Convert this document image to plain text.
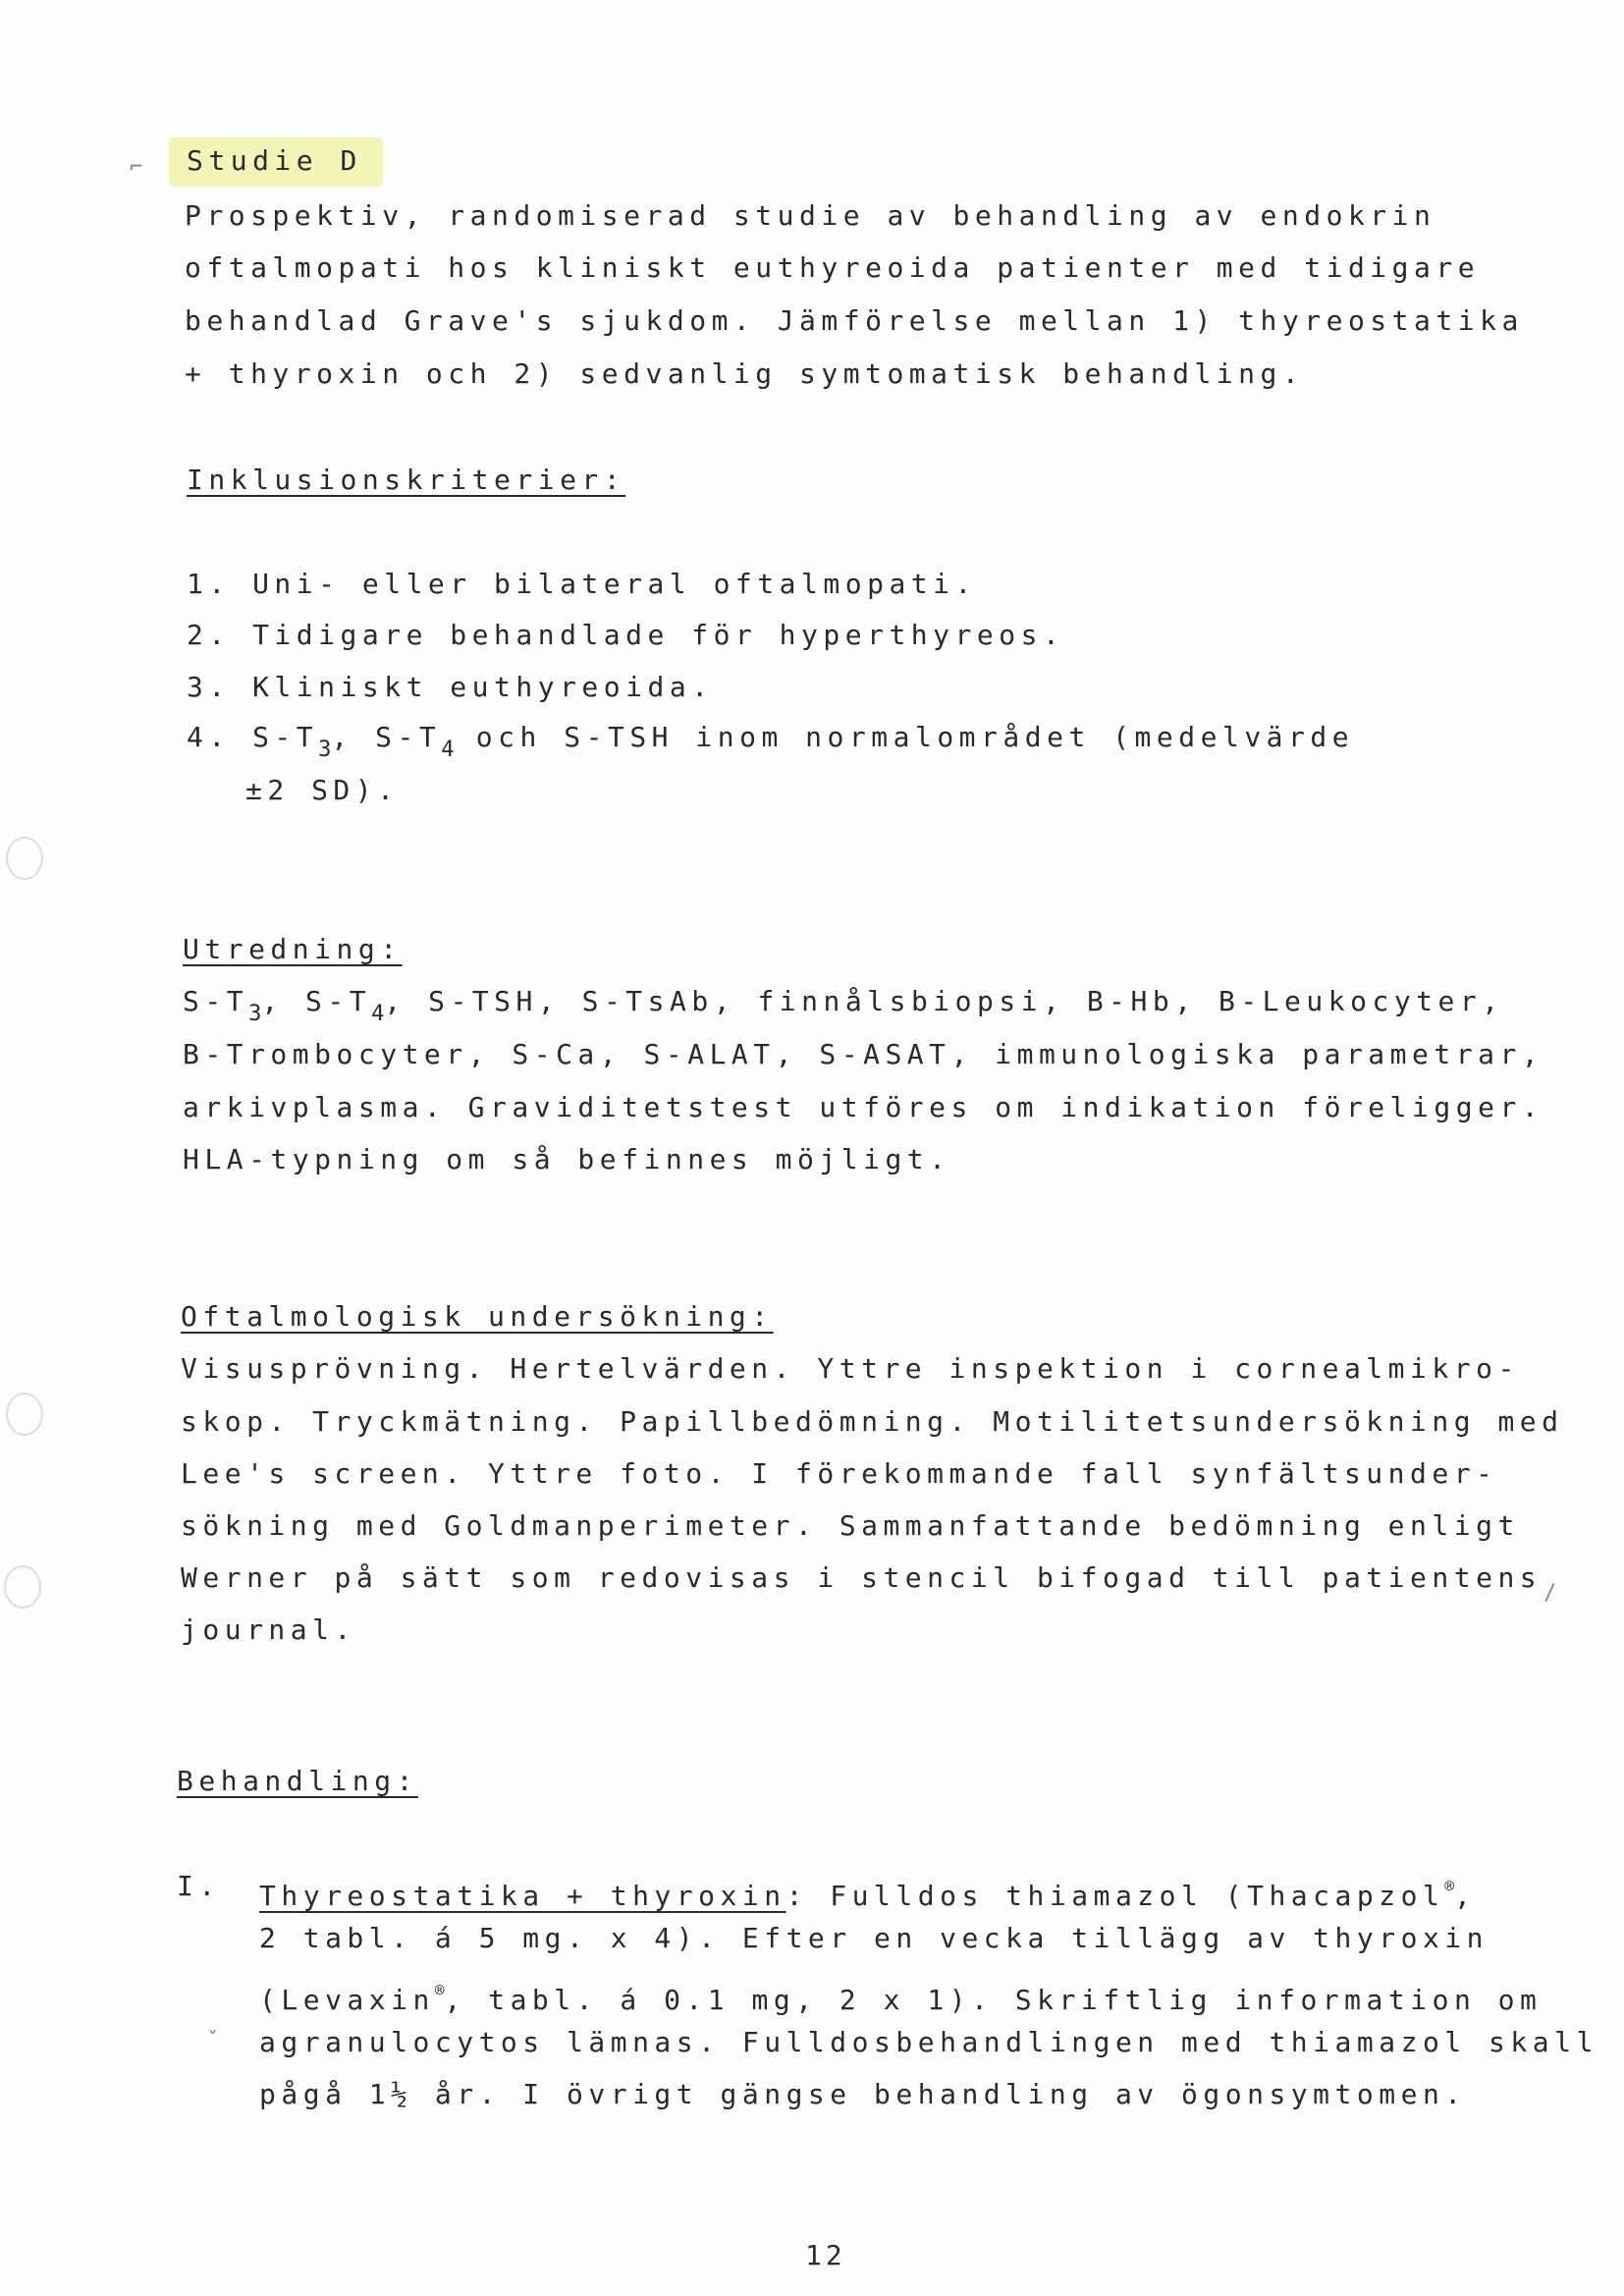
Studie D
Prospektiv, randomiserad studie av behandling av endokrin
oftalmopati hos kliniskt euthyreoida patienter med tidigare
behandlad Grave's sjukdom. Jämförelse mellan 1) thyreostatika
+ thyroxin och 2) sedvanlig symtomatisk behandling.
Inklusionskriterier:
1. Uni- eller bilateral oftalmopati.
2. Tidigare behandlade för hyperthyreos.
3. Kliniskt euthyreoida.
4. $S-T_3$, $S-T_4$ och S-TSH inom normalområdet (medelvärde
±2 SD).
Utredning:
$S-T_3$, $S-T_4$, S-TSH, S-TsAb, finnålsbiopsi, B-Hb, B-Leukocyter,
B-Trombocyter, S-Ca, S-ALAT, S-ASAT, immunologiska parametrar,
arkivplasma. Graviditetstest utföres om indikation föreligger.
HLA-typning om så befinnes möjligt.
Oftalmologisk undersökning:
Visusprövning. Hertelvärden. Yttre inspektion i cornealmikro-
skop. Tryckmätning. Papillbedömning. Motilitetsundersökning med
Lee's screen. Yttre foto. I förekommande fall synfältsunder-
sökning med Goldmanperimeter. Sammanfattande bedömning enligt
Werner på sätt som redovisas i stencil bifogad till patientens
journal.
Behandling:
I. Thyreostatika + thyroxin: Fulldos thiamazol (Thacapzol®,
2 tabl. á 5 mg. x 4). Efter en vecka tillägg av thyroxin
(Levaxin®, tabl. á 0.1 mg, 2 x 1). Skriftlig information om
agranulocytos lämnas. Fulldosbehandlingen med thiamazol skall
pågå 1½ år. I övrigt gängse behandling av ögonsymtomen.
12
⌐
/
ˇ
